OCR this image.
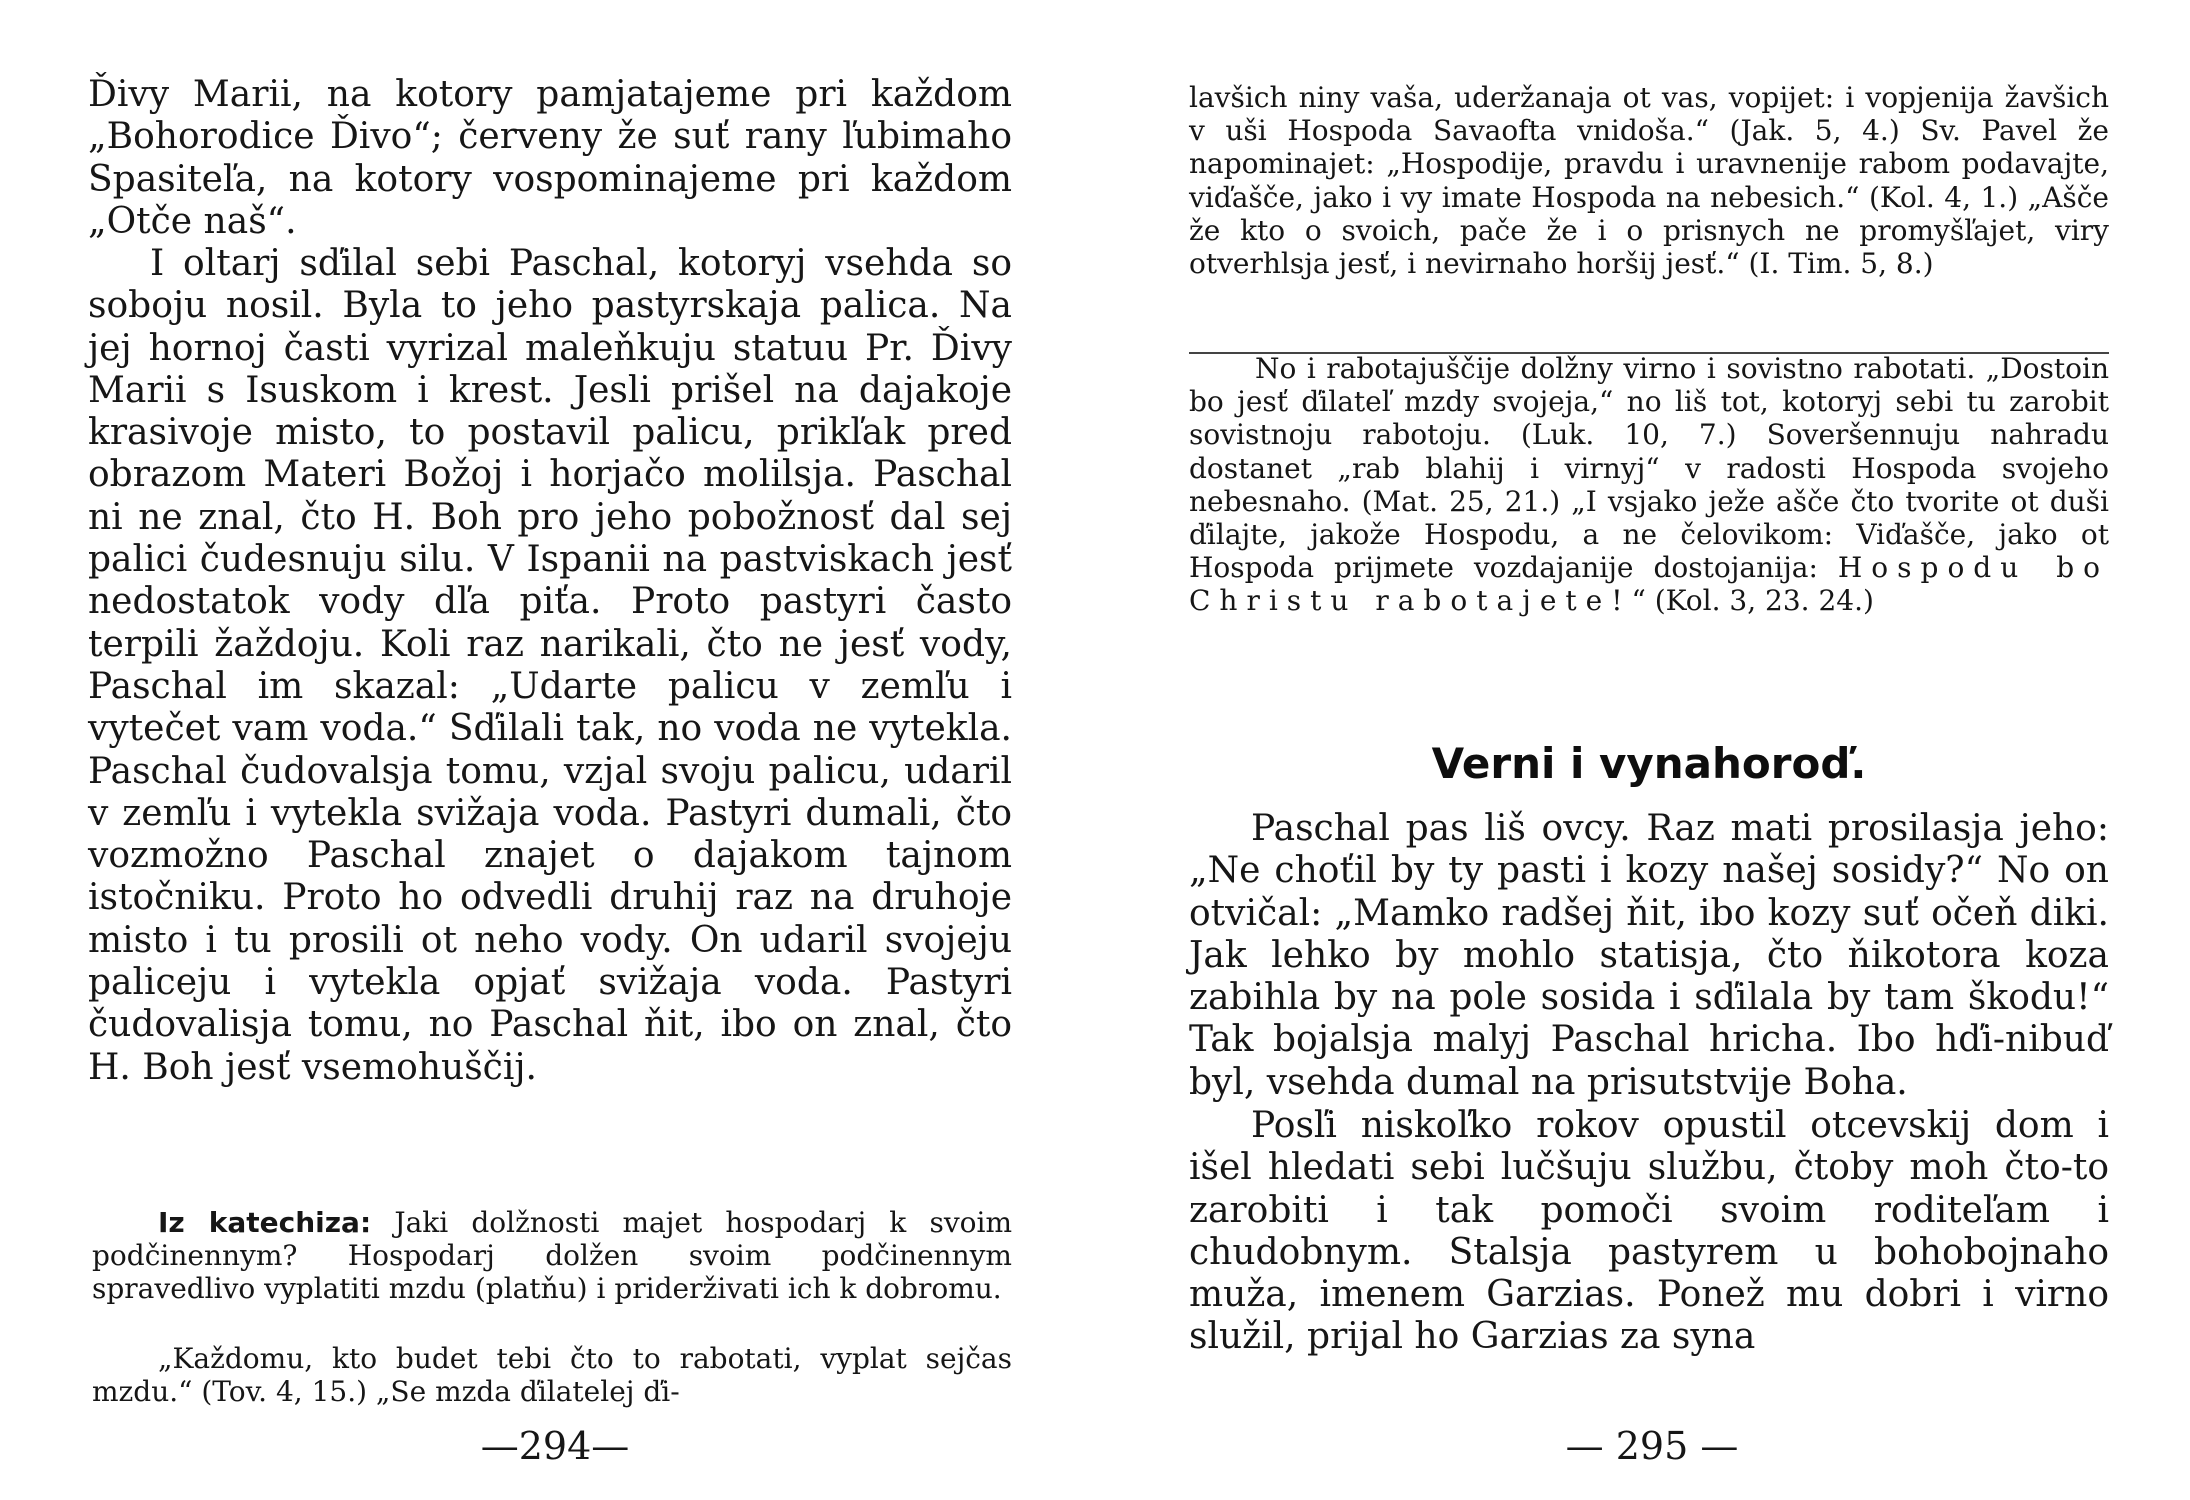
Ďivy Marii, na kotory pamjatajeme pri každom „Bohorodice Ďivo“; červeny že suť rany ľubimaho Spasiteľa, na kotory vospominajeme pri každom „Otče naš“.

I oltarj sďilal sebi Paschal, kotoryj vsehda so soboju nosil. Byla to jeho pastyrskaja palica. Na jej hornoj časti vyrizal maleňkuju statuu Pr. Ďivy Marii s Isuskom i krest. Jesli prišel na dajakoje krasivoje misto, to postavil palicu, prikľak pred obrazom Materi Božoj i horjačo molilsja. Paschal ni ne znal, čto H. Boh pro jeho pobožnosť dal sej palici čudesnuju silu. V Ispanii na pastviskach jesť nedostatok vody dľa piťa. Proto pastyri často terpili žaždoju. Koli raz narikali, čto ne jesť vody, Paschal im skazal: „Udarte palicu v zemľu i vytečet vam voda.“ Sďilali tak, no voda ne vytekla. Paschal čudovalsja tomu, vzjal svoju palicu, udaril v zemľu i vytekla svižaja voda. Pastyri dumali, čto vozmožno Paschal znajet o dajakom tajnom istočniku. Proto ho odvedli druhij raz na druhoje misto i tu prosili ot neho vody. On udaril svojeju paliceju i vytekla opjať svižaja voda. Pastyri čudovalisja tomu, no Paschal ňit, ibo on znal, čto H. Boh jesť vsemohuščij.

Iz katechiza: Jaki dolžnosti majet hospodarj k svoim podčinennym? Hospodarj dolžen svoim podčinennym spravedlivo vyplatiti mzdu (platňu) i priderživati ich k dobromu.

„Každomu, kto budet tebi čto to rabotati, vyplat sejčas mzdu.“ (Tov. 4, 15.) „Se mzda ďilatelej ďi-

—294—

lavšich niny vaša, uderžanaja ot vas, vopijet: i vopjenija žavšich v uši Hospoda Savaofta vnidoša.“ (Jak. 5, 4.) Sv. Pavel že napominajet: „Hospodije, pravdu i uravnenije rabom podavajte, viďašče, jako i vy imate Hospoda na nebesich.“ (Kol. 4, 1.) „Ašče že kto o svoich, pače že i o prisnych ne promyšľajet, viry otverhlsja jesť, i nevirnaho horšij jesť.“ (I. Tim. 5, 8.)

No i rabotajuščije dolžny virno i sovistno rabotati. „Dostoin bo jesť ďilateľ mzdy svojeja,“ no liš tot, kotoryj sebi tu zarobit sovistnoju rabotoju. (Luk. 10, 7.) Soveršennuju nahradu dostanet „rab blahij i virnyj“ v radosti Hospoda svojeho nebesnaho. (Mat. 25, 21.) „I vsjako ježe ašče čto tvorite ot duši ďilajte, jakože Hospodu, a ne čelovikom: Viďašče, jako ot Hospoda prijmete vozdajanije dostojanija: Hospodu bo Christu rabotajete!“ (Kol. 3, 23. 24.)

Verni i vynahoroď.

Paschal pas liš ovcy. Raz mati prosilasja jeho: „Ne choťil by ty pasti i kozy našej sosidy?“ No on otvičal: „Mamko radšej ňit, ibo kozy suť očeň diki. Jak lehko by mohlo statisja, čto ňikotora koza zabihla by na pole sosida i sďilala by tam škodu!“ Tak bojalsja malyj Paschal hricha. Ibo hďi-nibuď byl, vsehda dumal na prisutstvije Boha.

Posľi niskoľko rokov opustil otcevskij dom i išel hledati sebi lučšuju službu, čtoby moh čto-to zarobiti i tak pomoči svoim roditeľam i chudobnym. Stalsja pastyrem u bohobojnaho muža, imenem Garzias. Ponež mu dobri i virno služil, prijal ho Garzias za syna

— 295 —
